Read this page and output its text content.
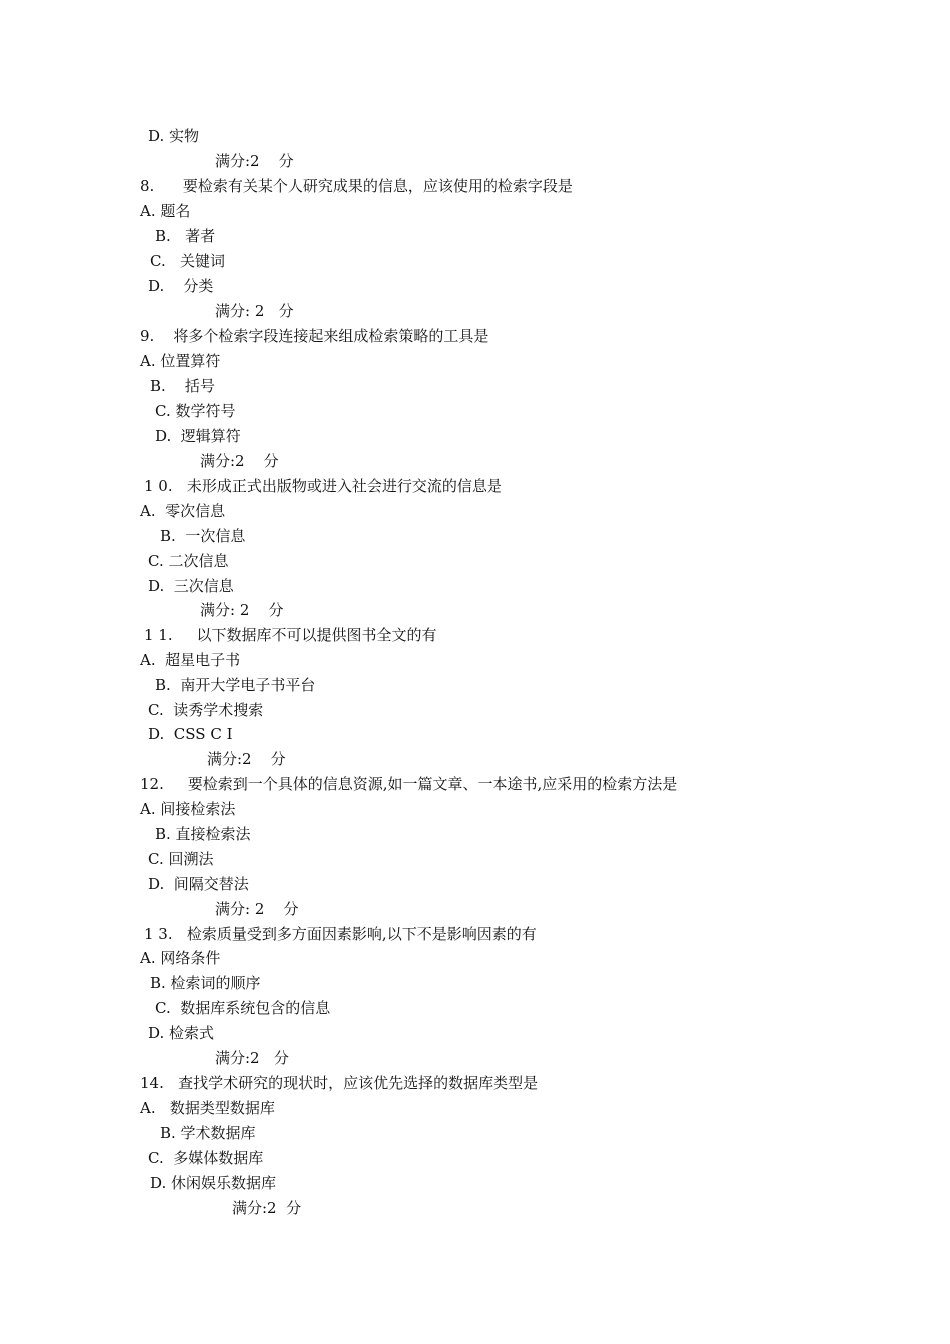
D. 实物
满分:2    分
8.      要检索有关某个人研究成果的信息，应该使用的检索字段是
A. 题名
B.   著者
C.   关键词
D.    分类
满分: 2   分
9.    将多个检索字段连接起来组成检索策略的工具是
A. 位置算符
B.    括号
C. 数学符号
D.  逻辑算符
满分:2    分
1 0.   未形成正式出版物或进入社会进行交流的信息是
A.  零次信息
B.  一次信息
C. 二次信息
D.  三次信息
满分: 2    分
1 1.     以下数据库不可以提供图书全文的有
A.  超星电子书
B.  南开大学电子书平台
C.  读秀学术搜索
D.  CSS C I
满分:2    分
12.     要检索到一个具体的信息资源,如一篇文章、一本途书,应采用的检索方法是
A. 间接检索法
B. 直接检索法
C. 回溯法
D.  间隔交替法
满分: 2    分
1 3.   检索质量受到多方面因素影响,以下不是影响因素的有
A. 网络条件
B. 检索词的顺序
C.  数据库系统包含的信息
D. 检索式
满分:2   分
14.   查找学术研究的现状时，应该优先选择的数据库类型是
A.   数据类型数据库
B. 学术数据库
C.  多媒体数据库
D. 休闲娱乐数据库
满分:2  分
